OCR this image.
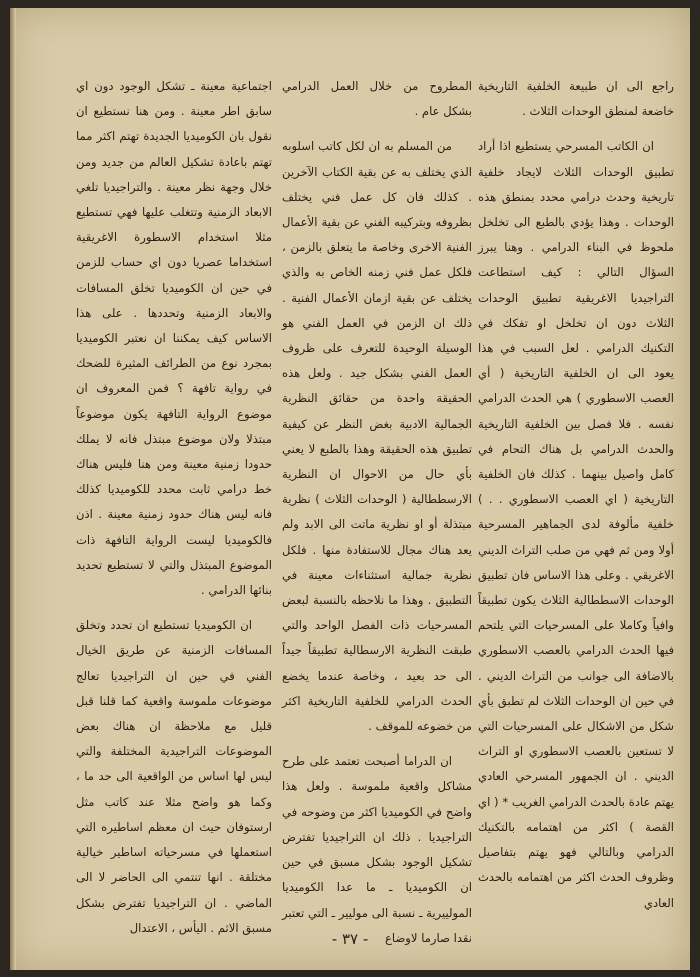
راجع الى ان طبيعة الخلفية التاريخية خاضعة لمنطق الوحدات الثلاث .

ان الكاتب المسرحي يستطيع اذا أراد تطبيق الوحدات الثلاث لايجاد خلفية تاريخية وحدث درامي محدد بمنطق هذه الوحدات . وهذا يؤدي بالطبع الى تخلخل ملحوظ في البناء الدرامي . وهنا يبرز السؤال التالي : كيف استطاعت التراجيديا الاغريقية تطبيق الوحدات الثلاث دون ان تخلخل او تفكك في التكنيك الدرامي . لعل السبب في هذا يعود الى ان الخلفية التاريخية ( أي العصب الاسطوري ) هي الحدث الدرامي نفسه . فلا فصل بين الخلفية التاريخية والحدث الدرامي بل هناك التحام في كامل واصيل بينهما . كذلك فان الخلفية التاريخية ( اي العصب الاسطوري . . ) خلفية مألوفة لدى الجماهير المسرحية أولا ومن ثم فهي من صلب التراث الديني الاغريقي . وعلى هذا الاساس فان تطبيق الوحدات الاسططالية الثلاث يكون تطبيقاً وافياً وكاملا على المسرحيات التي يلتحم فيها الحدث الدرامي بالعصب الاسطوري بالاضافة الى جوانب من التراث الديني . في حين ان الوحدات الثلاث لم تطبق بأي شكل من الاشكال على المسرحيات التي لا تستعين بالعصب الاسطوري او التراث الديني . ان الجمهور المسرحي العادي يهتم عادة بالحدث الدرامي الغريب * ( اي القصة ) اكثر من اهتمامه بالتكنيك الدرامي وبالتالي فهو يهتم بتفاصيل وظروف الحدث اكثر من اهتمامه بالحدث العادي

المطروح من خلال العمل الدرامي بشكل عام .

من المسلم به ان لكل كاتب اسلوبه الذي يختلف به عن بقية الكتاب الآخرين . كذلك فان كل عمل فني يختلف بظروفه وبتركيبه الفني عن بقية الأعمال الفنية الاخرى وخاصة ما يتعلق بالزمن ، فلكل عمل فني زمنه الخاص به والذي يختلف عن بقية ازمان الأعمال الفنية . ذلك ان الزمن في العمل الفني هو الوسيلة الوحيدة للتعرف على ظروف العمل الفني بشكل جيد . ولعل هذه الحقيقة واحدة من حقائق النظرية الجمالية الادبية بغض النظر عن كيفية تطبيق هذه الحقيقة وهذا بالطبع لا يعني بأي حال من الاحوال ان النظرية الارسططالية ( الوحدات الثلاث ) نظرية مبتذلة أو او نظرية ماتت الى الابد ولم يعد هناك مجال للاستفادة منها . فلكل نظرية جمالية استثناءات معينة في التطبيق . وهذا ما نلاحظه بالنسبة لبعض المسرحيات ذات الفصل الواحد والتي طبقت النظرية الارسطالية تطبيقاً جيداً الى حد بعيد ، وخاصة عندما يخضع الحدث الدرامي للخلفية التاريخية اكثر من خضوعه للموقف .

ان الدراما أصبحت تعتمد على طرح مشاكل واقعية ملموسة . ولعل هذا واضح في الكوميديا اكثر من وضوحه في التراجيديا . ذلك ان التراجيديا تفترض تشكيل الوجود بشكل مسبق في حين ان الكوميديا ـ ما عدا الكوميديا المولييرية ـ نسبة الى موليير ـ التي تعتبر نقدا صارما لاوضاع

اجتماعية معينة ـ تشكل الوجود دون اي سابق اطر معينة . ومن هنا نستطيع ان نقول بان الكوميديا الجديدة تهتم اكثر مما تهتم باعادة تشكيل العالم من جديد ومن خلال وجهة نظر معينة . والتراجيديا تلغي الابعاد الزمنية وتتغلب عليها فهي تستطيع مثلا استخدام الاسطورة الاغريقية استخداما عصريا دون اي حساب للزمن في حين ان الكوميديا تخلق المسافات والابعاد الزمنية وتحددها . على هذا الاساس كيف يمكننا ان نعتبر الكوميديا بمجرد نوع من الطرائف المثيرة للضحك في رواية تافهة ؟ فمن المعروف ان موضوع الرواية التافهة يكون موضوعاً مبتذلا ولان موضوع مبتذل فانه لا يملك حدودا زمنية معينة ومن هنا فليس هناك خط درامي ثابت محدد للكوميديا كذلك فانه ليس هناك حدود زمنية معينة . اذن فالكوميديا ليست الرواية التافهة ذات الموضوع المبتذل والتي لا تستطيع تحديد بنائها الدرامي .

ان الكوميديا تستطيع ان تحدد وتخلق المسافات الزمنية عن طريق الخيال الفني في حين ان التراجيديا تعالج موضوعات ملموسة واقعية كما قلنا قبل قليل مع ملاحظة ان هناك بعض الموضوعات التراجيدية المختلفة والتي ليس لها اساس من الواقعية الى حد ما ، وكما هو واضح مثلا عند كاتب مثل ارستوفان حيث ان معظم اساطيره التي استعملها في مسرحياته اساطير خيالية مختلقة . انها تنتمي الى الحاضر لا الى الماضي . ان التراجيديا تفترض بشكل مسبق الاثم . اليأس ، الاعتدال

- ٣٧ -
